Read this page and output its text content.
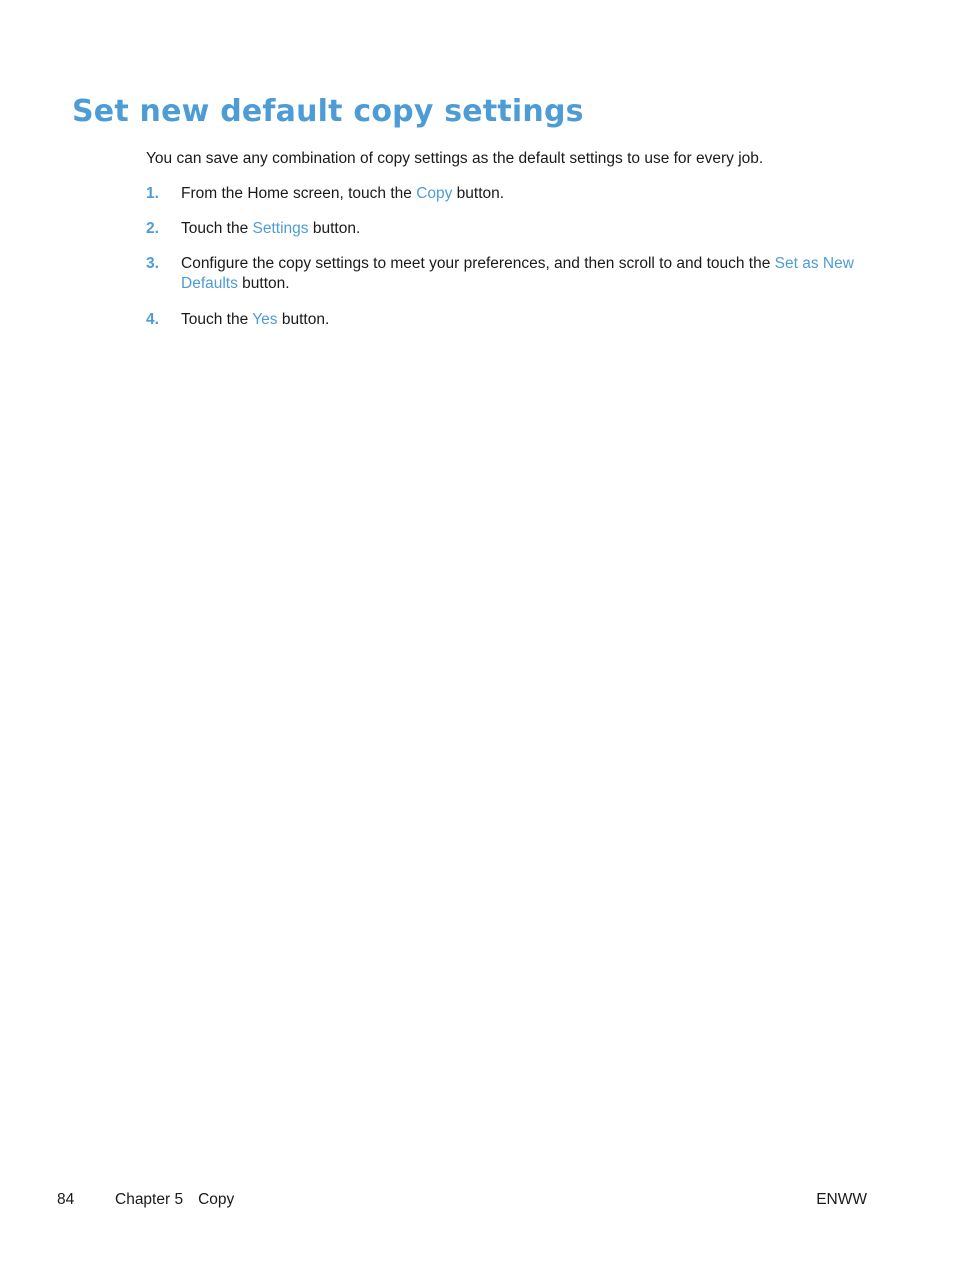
Set new default copy settings

You can save any combination of copy settings as the default settings to use for every job.

1. From the Home screen, touch the Copy button.
2. Touch the Settings button.
3. Configure the copy settings to meet your preferences, and then scroll to and touch the Set as New Defaults button.
4. Touch the Yes button.
84	Chapter 5 Copy	ENWW
